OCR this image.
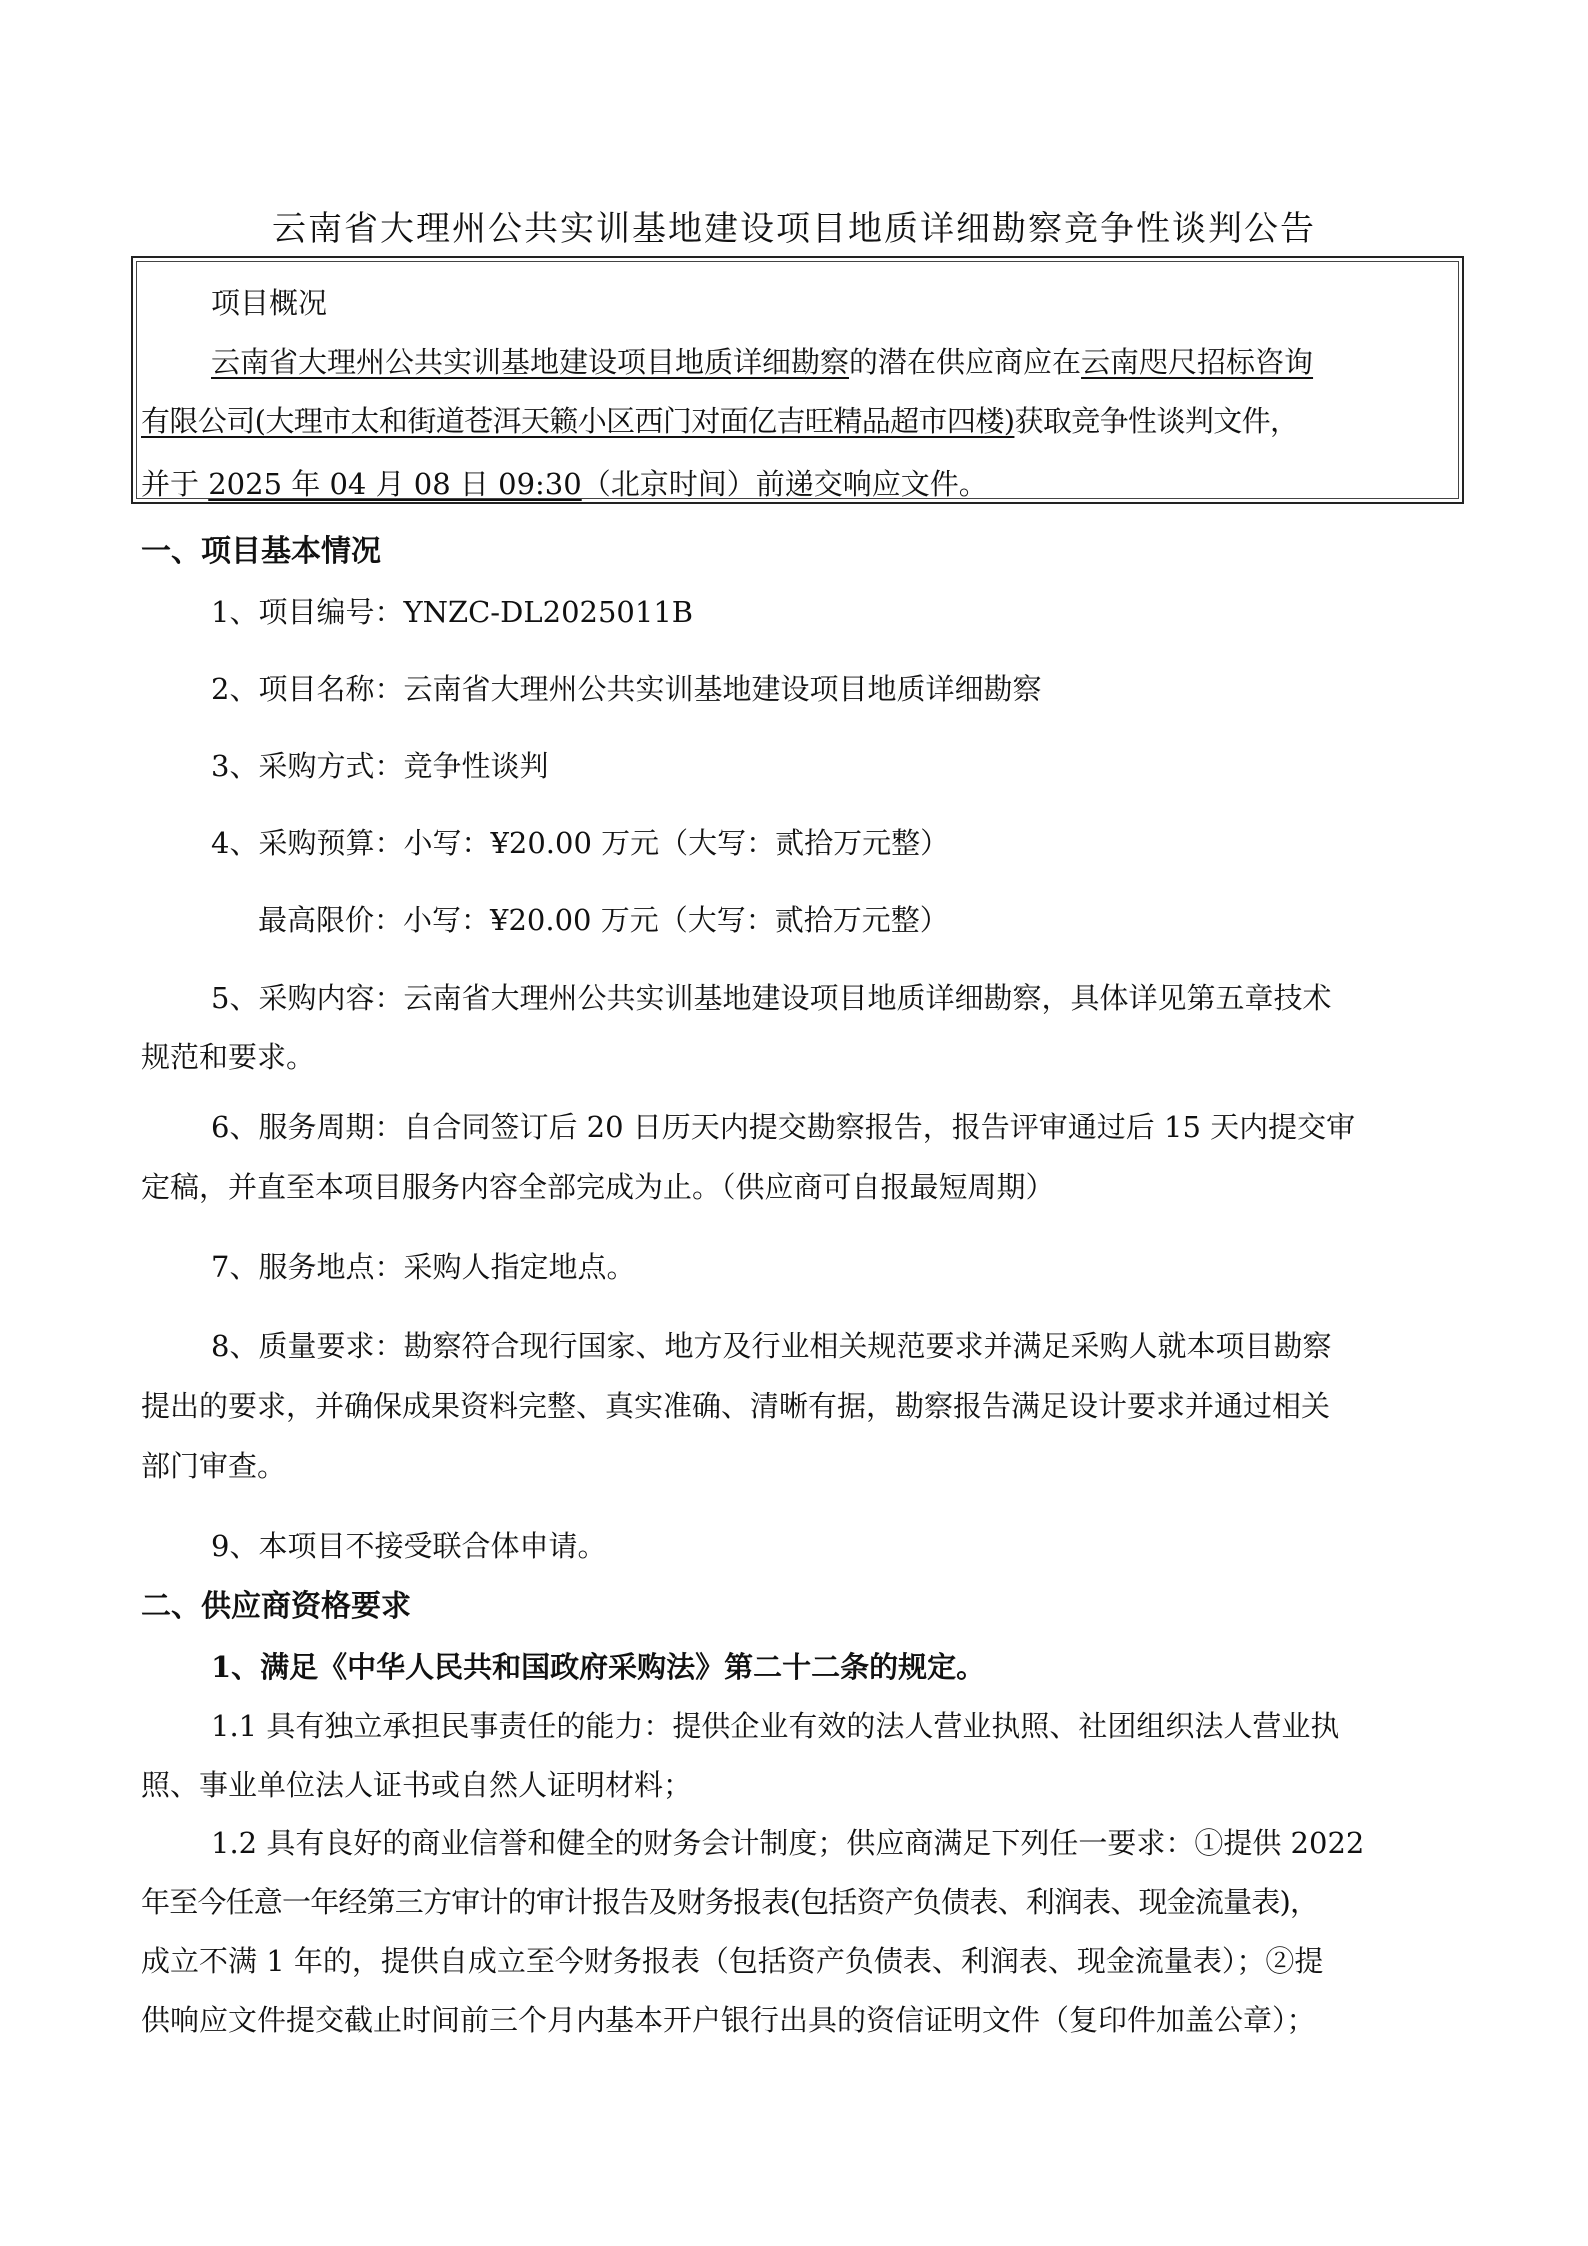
云南省大理州公共实训基地建设项目地质详细勘察竞争性谈判公告
项目概况
云南省大理州公共实训基地建设项目地质详细勘察的潜在供应商应在云南咫尺招标咨询
有限公司(大理市太和街道苍洱天籁小区西门对面亿吉旺精品超市四楼)获取竞争性谈判文件，
并于 2025 年 04 月 08 日 09:30（北京时间）前递交响应文件。
一、项目基本情况
1、项目编号：YNZC-DL2025011B
2、项目名称：云南省大理州公共实训基地建设项目地质详细勘察
3、采购方式：竞争性谈判
4、采购预算：小写：¥20.00 万元（大写：贰拾万元整）
最高限价：小写：¥20.00 万元（大写：贰拾万元整）
5、采购内容：云南省大理州公共实训基地建设项目地质详细勘察，具体详见第五章技术
规范和要求。
6、服务周期：自合同签订后 20 日历天内提交勘察报告，报告评审通过后 15 天内提交审
定稿，并直至本项目服务内容全部完成为止。（供应商可自报最短周期）
7、服务地点：采购人指定地点。
8、质量要求：勘察符合现行国家、地方及行业相关规范要求并满足采购人就本项目勘察
提出的要求，并确保成果资料完整、真实准确、清晰有据，勘察报告满足设计要求并通过相关
部门审查。
9、本项目不接受联合体申请。
二、供应商资格要求
1、满足《中华人民共和国政府采购法》第二十二条的规定。
1.1 具有独立承担民事责任的能力：提供企业有效的法人营业执照、社团组织法人营业执
照、事业单位法人证书或自然人证明材料；
1.2 具有良好的商业信誉和健全的财务会计制度；供应商满足下列任一要求：①提供 2022
年至今任意一年经第三方审计的审计报告及财务报表(包括资产负债表、利润表、现金流量表)，
成立不满 1 年的，提供自成立至今财务报表（包括资产负债表、利润表、现金流量表）；②提
供响应文件提交截止时间前三个月内基本开户银行出具的资信证明文件（复印件加盖公章）；
